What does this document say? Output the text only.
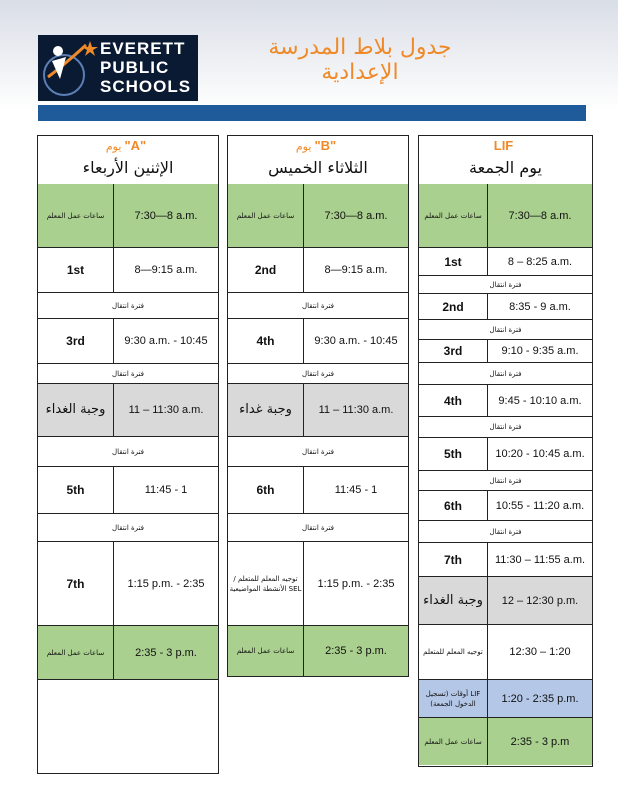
EVERETT
PUBLIC
SCHOOLS
جدول بلاط المدرسة الإعدادية
يوم "A"
الإثنين الأربعاء
ساعات عمل المعلم	7:30—8 a.m.
1st	8—9:15 a.m.
فترة انتقال
3rd	9:30 a.m. - 10:45
فترة انتقال
وجبة الغداء	11 – 11:30 a.m.
فترة انتقال
5th	11:45 - 1
فترة انتقال
7th	1:15 p.m. - 2:35
ساعات عمل المعلم	2:35 - 3 p.m.
يوم "B"
الثلاثاء الخميس
ساعات عمل المعلم	7:30—8 a.m.
2nd	8—9:15 a.m.
فترة انتقال
4th	9:30 a.m. - 10:45
فترة انتقال
وجبة غداء	11 – 11:30 a.m.
فترة انتقال
6th	11:45 - 1
فترة انتقال
توجيه المعلم للمتعلم / SEL الأنشطة المواضيعية	1:15 p.m. - 2:35
ساعات عمل المعلم	2:35 - 3 p.m.
LIF
يوم الجمعة
ساعات عمل المعلم	7:30—8 a.m.
1st	8 – 8:25 a.m.
فترة انتقال
2nd	8:35 - 9 a.m.
فترة انتقال
3rd	9:10 - 9:35 a.m.
فترة انتقال
4th	9:45 - 10:10 a.m.
فترة انتقال
5th	10:20 - 10:45 a.m.
فترة انتقال
6th	10:55 - 11:20 a.m.
فترة انتقال
7th	11:30 – 11:55 a.m.
وجبة الغداء	12 – 12:30 p.m.
توجيه المعلم للمتعلم	12:30 – 1:20
LIF أوقات (تسجيل الدخول الجمعة)	1:20 - 2:35 p.m.
ساعات عمل المعلم	2:35 - 3 p.m
